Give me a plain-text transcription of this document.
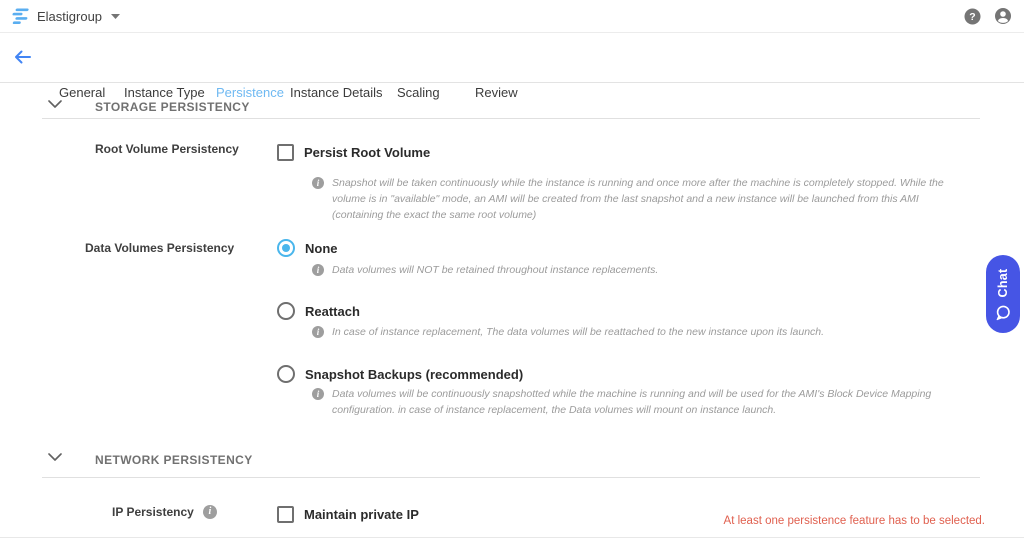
Elastigroup	?
General Instance Type Persistence Instance Details Scaling	Review
STORAGE PERSISTENCY
Root Volume Persistency	Persist Root Volume
i	Snapshot will be taken continuously while the instance is running and once more after the machine is completely stopped. While the volume is in "available" mode, an AMI will be created from the last snapshot and a new instance will be launched from this AMI (containing the exact the same root volume)
Data Volumes Persistency	None
i	Data volumes will NOT be retained throughout instance replacements.
Reattach
i	In case of instance replacement, The data volumes will be reattached to the new instance upon its launch.
Snapshot Backups (recommended)
i	Data volumes will be continuously snapshotted while the machine is running and will be used for the AMI's Block Device Mapping configuration. in case of instance replacement, the Data volumes will mount on instance launch.
NETWORK PERSISTENCY
IP Persistency	i	Maintain private IP	At least one persistence feature has to be selected.
Chat
